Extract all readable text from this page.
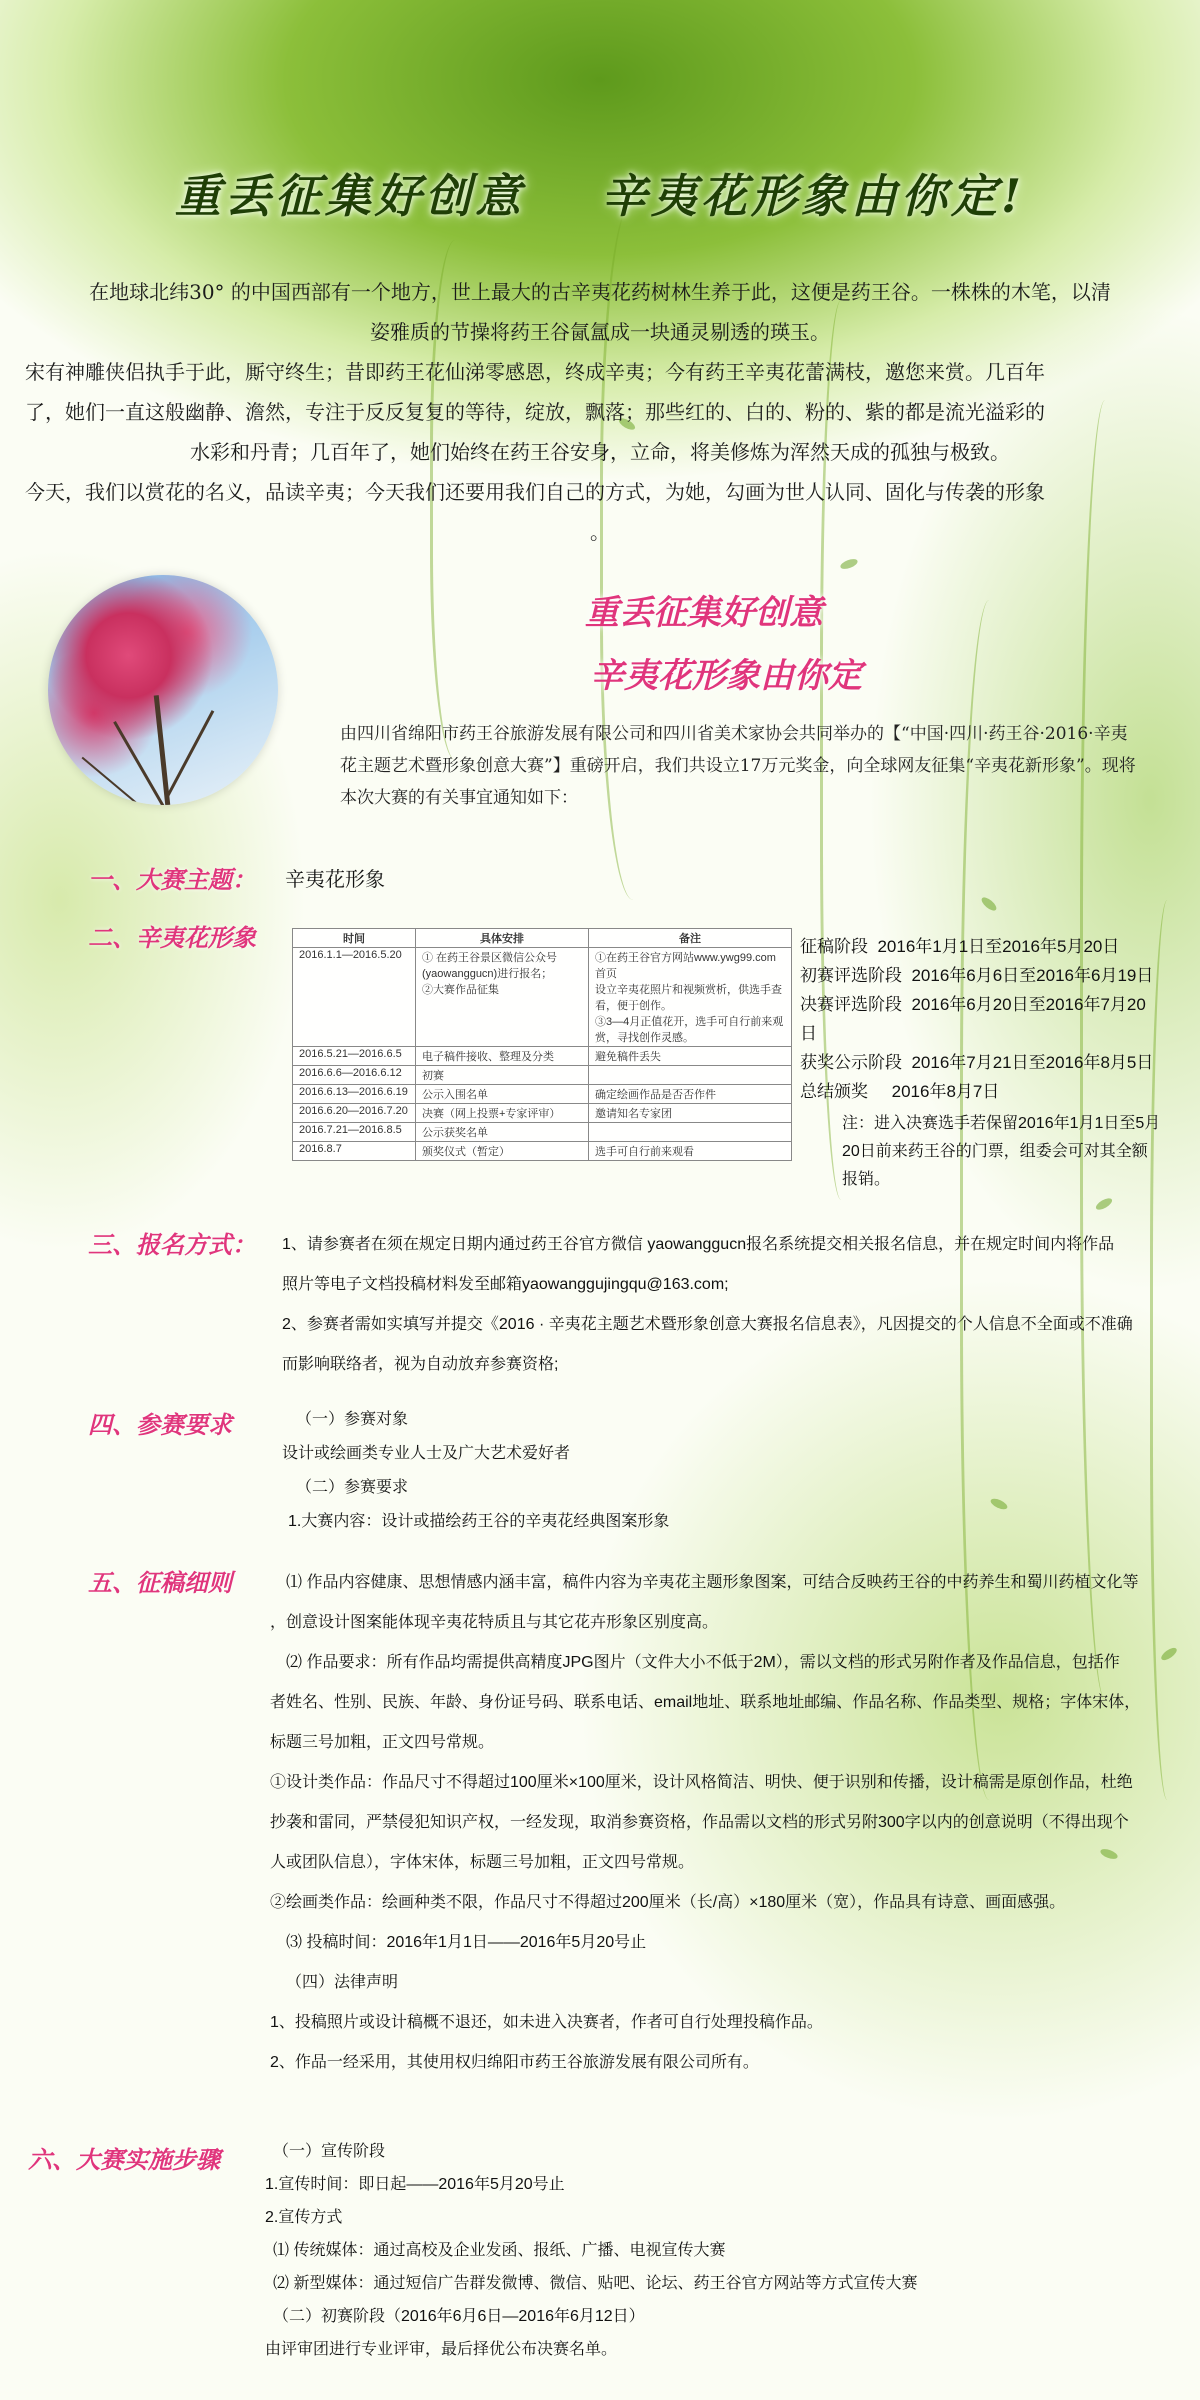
重丢征集好创意 辛夷花形象由你定!

在地球北纬30° 的中国西部有一个地方，世上最大的古辛夷花药树林生养于此，这便是药王谷。一株株的木笔，以清

姿雅质的节操将药王谷氤氲成一块通灵剔透的瑛玉。

宋有神雕侠侣执手于此，厮守终生；昔即药王花仙涕零感恩，终成辛夷；今有药王辛夷花蕾满枝，邀您来赏。几百年

了，她们一直这般幽静、澹然，专注于反反复复的等待，绽放，飘落；那些红的、白的、粉的、紫的都是流光溢彩的

水彩和丹青；几百年了，她们始终在药王谷安身，立命，将美修炼为浑然天成的孤独与极致。

今天，我们以赏花的名义，品读辛夷；今天我们还要用我们自己的方式，为她，勾画为世人认同、固化与传袭的形象

。

重丢征集好创意
辛夷花形象由你定
由四川省绵阳市药王谷旅游发展有限公司和四川省美术家协会共同举办的【“中国·四川·药王谷·2016·辛夷花主题艺术暨形象创意大赛”】重磅开启，我们共设立17万元奖金，向全球网友征集“辛夷花新形象”。现将本次大赛的有关事宜通知如下：
一、大赛主题： 辛夷花形象
二、辛夷花形象	时间	具体安排	备注
2016.1.1—2016.5.20	① 在药王谷景区微信公众号(yaowanggucn)进行报名；
②大赛作品征集	①在药王谷官方网站www.ywg99.com首页
设立辛夷花照片和视频赏析，供选手查看，便于创作。
③3—4月正值花开，选手可自行前来观赏，寻找创作灵感。
2016.5.21—2016.6.5	电子稿件接收、整理及分类	避免稿件丢失
2016.6.6—2016.6.12	初赛	
2016.6.13—2016.6.19	公示入围名单	确定绘画作品是否否作件
2016.6.20—2016.7.20	决赛（网上投票+专家评审）	邀请知名专家团
2016.7.21—2016.8.5	公示获奖名单	
2016.8.7	颁奖仪式（暂定）	选手可自行前来观看
征稿阶段 2016年1月1日至2016年5月20日
初赛评选阶段 2016年6月6日至2016年6月19日
决赛评选阶段 2016年6月20日至2016年7月20日
获奖公示阶段 2016年7月21日至2016年8月5日
总结颁奖 2016年8月7日
注：进入决赛选手若保留2016年1月1日至5月20日前来药王谷的门票，组委会可对其全额报销。
三、报名方式： 1、请参赛者在须在规定日期内通过药王谷官方微信 yaowanggucn报名系统提交相关报名信息，并在规定时间内将作品

照片等电子文档投稿材料发至邮箱yaowanggujingqu@163.com;

2、参赛者需如实填写并提交《2016 · 辛夷花主题艺术暨形象创意大赛报名信息表》，凡因提交的个人信息不全面或不准确

而影响联络者，视为自动放弃参赛资格;

四、参赛要求	（一）参赛对象

设计或绘画类专业人士及广大艺术爱好者

（二）参赛要求

1.大赛内容：设计或描绘药王谷的辛夷花经典图案形象

五、征稿细则	⑴ 作品内容健康、思想情感内涵丰富，稿件内容为辛夷花主题形象图案，可结合反映药王谷的中药养生和蜀川药植文化等

，创意设计图案能体现辛夷花特质且与其它花卉形象区别度高。

⑵ 作品要求：所有作品均需提供高精度JPG图片（文件大小不低于2M），需以文档的形式另附作者及作品信息，包括作

者姓名、性别、民族、年龄、身份证号码、联系电话、email地址、联系地址邮编、作品名称、作品类型、规格；字体宋体，

标题三号加粗，正文四号常规。

①设计类作品：作品尺寸不得超过100厘米×100厘米，设计风格简洁、明快、便于识别和传播，设计稿需是原创作品，杜绝

抄袭和雷同，严禁侵犯知识产权，一经发现，取消参赛资格，作品需以文档的形式另附300字以内的创意说明（不得出现个

人或团队信息），字体宋体，标题三号加粗，正文四号常规。

②绘画类作品：绘画种类不限，作品尺寸不得超过200厘米（长/高）×180厘米（宽），作品具有诗意、画面感强。

⑶ 投稿时间：2016年1月1日——2016年5月20号止

（四）法律声明

1、投稿照片或设计稿概不退还，如未进入决赛者，作者可自行处理投稿作品。

2、作品一经采用，其使用权归绵阳市药王谷旅游发展有限公司所有。

六、大赛实施步骤	（一）宣传阶段

1.宣传时间：即日起——2016年5月20号止

2.宣传方式

⑴ 传统媒体：通过高校及企业发函、报纸、广播、电视宣传大赛

⑵ 新型媒体：通过短信广告群发微博、微信、贴吧、论坛、药王谷官方网站等方式宣传大赛

（二）初赛阶段（2016年6月6日—2016年6月12日）

由评审团进行专业评审，最后择优公布决赛名单。
